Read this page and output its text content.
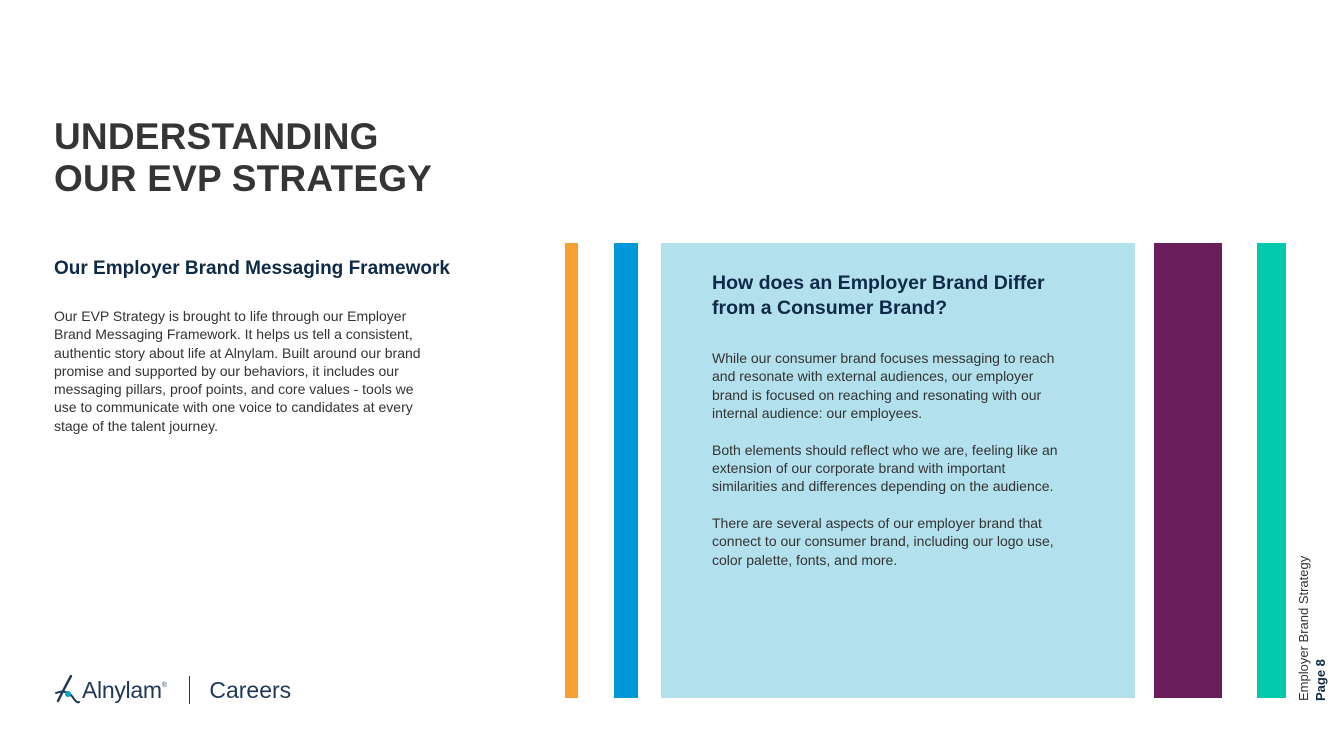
UNDERSTANDING
OUR EVP STRATEGY
Our Employer Brand Messaging Framework

Our EVP Strategy is brought to life through our Employer Brand Messaging Framework. It helps us tell a consistent, authentic story about life at Alnylam. Built around our brand promise and supported by our behaviors, it includes our messaging pillars, proof points, and core values - tools we use to communicate with one voice to candidates at every stage of the talent journey.

How does an Employer Brand Differ from a Consumer Brand?

While our consumer brand focuses messaging to reach and resonate with external audiences, our employer brand is focused on reaching and resonating with our internal audience: our employees.

Both elements should reflect who we are, feeling like an extension of our corporate brand with important similarities and differences depending on the audience.

There are several aspects of our employer brand that connect to our consumer brand, including our logo use, color palette, fonts, and more.

Alnylam ® Careers	Employer Brand Strategy Page 8
